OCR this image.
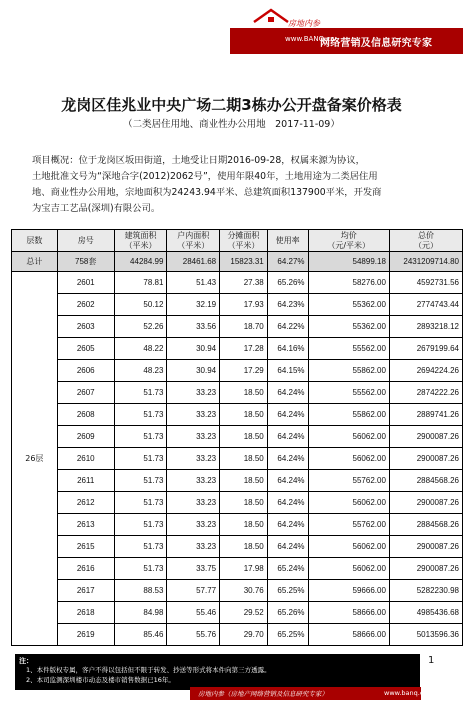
房地内参
www.BANQ.cn
网络营销及信息研究专家
龙岗区佳兆业中央广场二期3栋办公开盘备案价格表
（二类居住用地、商业性办公用地　2017-11-09）
项目概况：位于龙岗区坂田街道，土地受让日期2016-09-28，权属来源为协议，
土地批准文号为“深地合字(2012)2062号”，使用年限40年，土地用途为二类居住用
地、商业性办公用地，宗地面积为24243.94平米、总建筑面积137900平米，开发商
为宝吉工艺品(深圳)有限公司。
层数	房号	建筑面积
（平米）	户内面积
（平米）	分摊面积
（平米）	使用率	均价
（元/平米）	总价
（元）
总计	758套	44284.99	28461.68	15823.31	64.27%	54899.18	2431209714.80
26层	2601	78.81	51.43	27.38	65.26%	58276.00	4592731.56
	2602	50.12	32.19	17.93	64.23%	55362.00	2774743.44
	2603	52.26	33.56	18.70	64.22%	55362.00	2893218.12
	2605	48.22	30.94	17.28	64.16%	55562.00	2679199.64
	2606	48.23	30.94	17.29	64.15%	55862.00	2694224.26
	2607	51.73	33.23	18.50	64.24%	55562.00	2874222.26
	2608	51.73	33.23	18.50	64.24%	55862.00	2889741.26
	2609	51.73	33.23	18.50	64.24%	56062.00	2900087.26
	2610	51.73	33.23	18.50	64.24%	56062.00	2900087.26
	2611	51.73	33.23	18.50	64.24%	55762.00	2884568.26
	2612	51.73	33.23	18.50	64.24%	56062.00	2900087.26
	2613	51.73	33.23	18.50	64.24%	55762.00	2884568.26
	2615	51.73	33.23	18.50	64.24%	56062.00	2900087.26
	2616	51.73	33.75	17.98	65.24%	56062.00	2900087.26
	2617	88.53	57.77	30.76	65.25%	59666.00	5282230.98
	2618	84.98	55.46	29.52	65.26%	58666.00	4985436.68
	2619	85.46	55.76	29.70	65.25%	58666.00	5013596.36
1
注：
1、本件版权专属，客户不得以包括但不限于转发、抄送等形式将本件向第三方透露。
2、本司监测深圳楼市动态及楼市销售数据已16年。
房地内参（房地产网络营销及信息研究专家）	www.banq.cn
